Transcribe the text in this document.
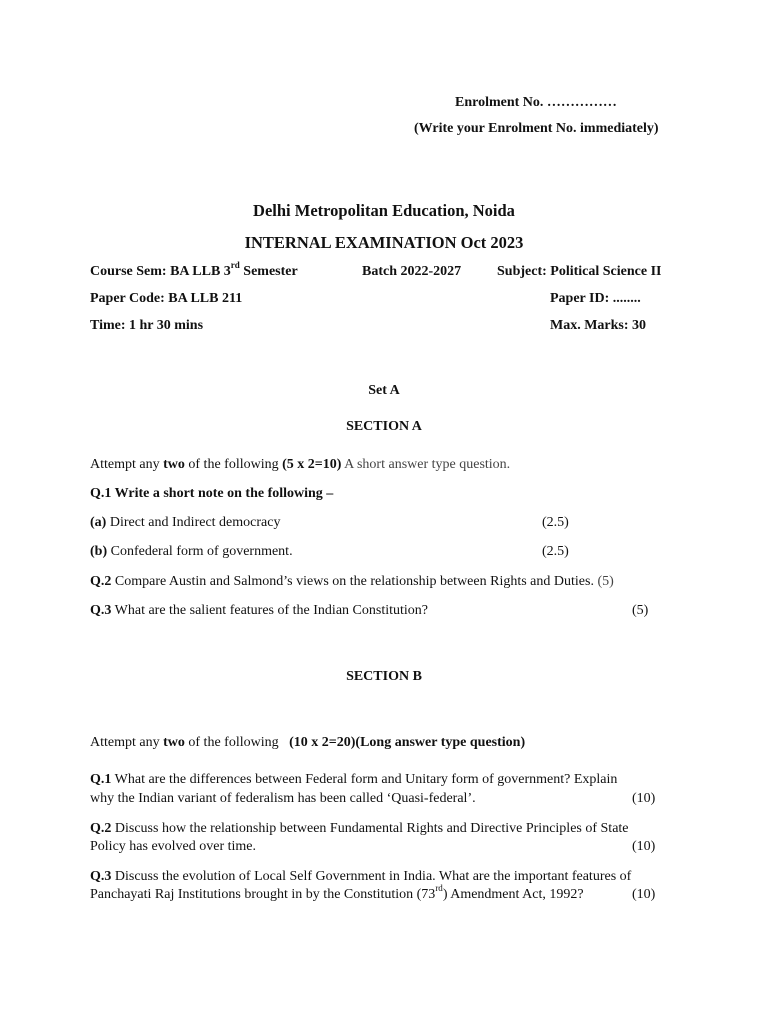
Enrolment No. ……………
(Write your Enrolment No. immediately)
Delhi Metropolitan Education, Noida
INTERNAL EXAMINATION Oct 2023
Course Sem: BA LLB 3rd Semester	Batch 2022-2027	Subject: Political Science II
Paper Code: BA LLB 211	Paper ID: ........
Time: 1 hr 30 mins	Max. Marks: 30
Set A
SECTION A
Attempt any two of the following (5 x 2=10) A short answer type question.
Q.1 Write a short note on the following –
(a) Direct and Indirect democracy	(2.5)
(b) Confederal form of government.	(2.5)
Q.2 Compare Austin and Salmond’s views on the relationship between Rights and Duties. (5)
Q.3 What are the salient features of the Indian Constitution?	(5)
SECTION B
Attempt any two of the following (10 x 2=20)(Long answer type question)
Q.1 What are the differences between Federal form and Unitary form of government? Explain
why the Indian variant of federalism has been called ‘Quasi-federal’.	(10)
Q.2 Discuss how the relationship between Fundamental Rights and Directive Principles of State
Policy has evolved over time.	(10)
Q.3 Discuss the evolution of Local Self Government in India. What are the important features of
Panchayati Raj Institutions brought in by the Constitution (73rd) Amendment Act, 1992?	(10)
